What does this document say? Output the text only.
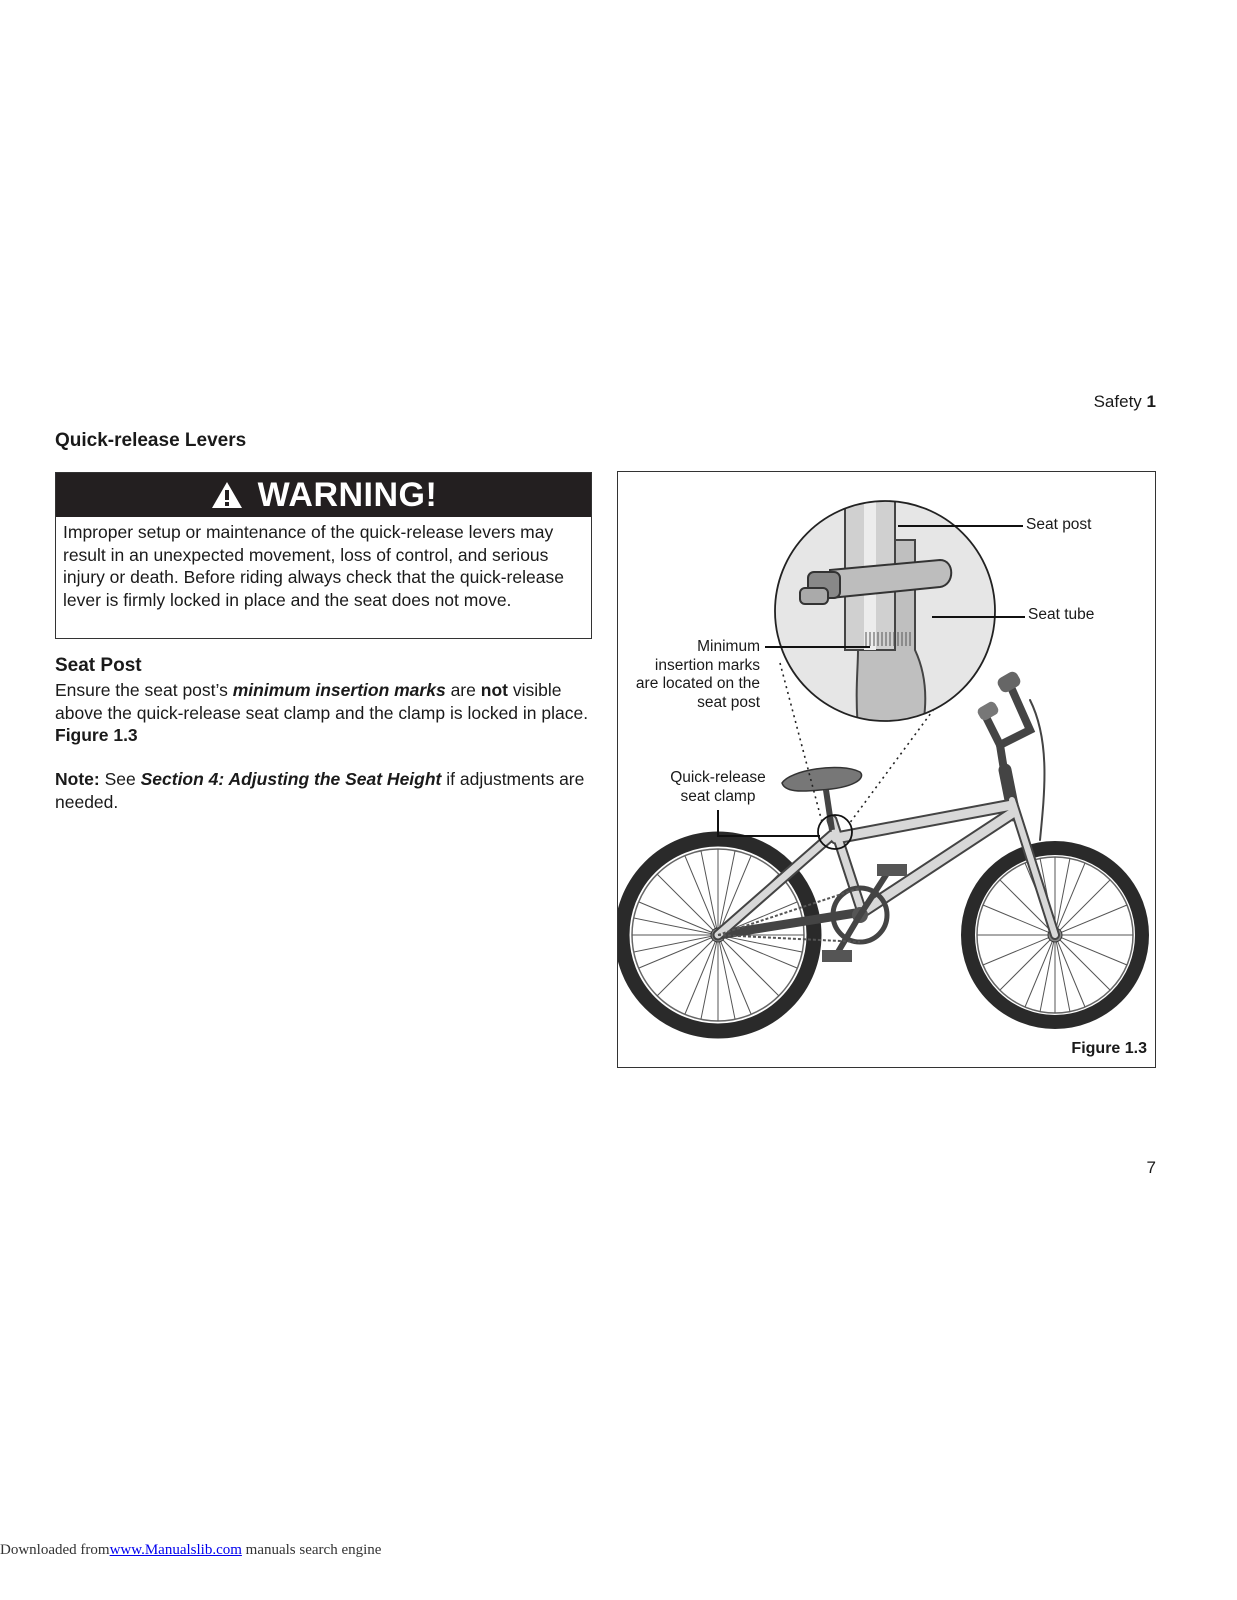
Safety 1
Quick-release Levers
WARNING!
Improper setup or maintenance of the quick-release levers may result in an unexpected movement, loss of control, and serious injury or death. Before riding always check that the quick-release lever is firmly locked in place and the seat does not move.
Seat Post
Ensure the seat post’s minimum insertion marks are not visible above the quick-release seat clamp and the clamp is locked in place. Figure 1.3
Note: See Section 4: Adjusting the Seat Height if adjustments are needed.
Seat post
Seat tube
Minimum
insertion marks
are located on the
seat post
Quick-release
seat clamp
Figure 1.3
7
Downloaded fromwww.Manualslib.com manuals search engine
